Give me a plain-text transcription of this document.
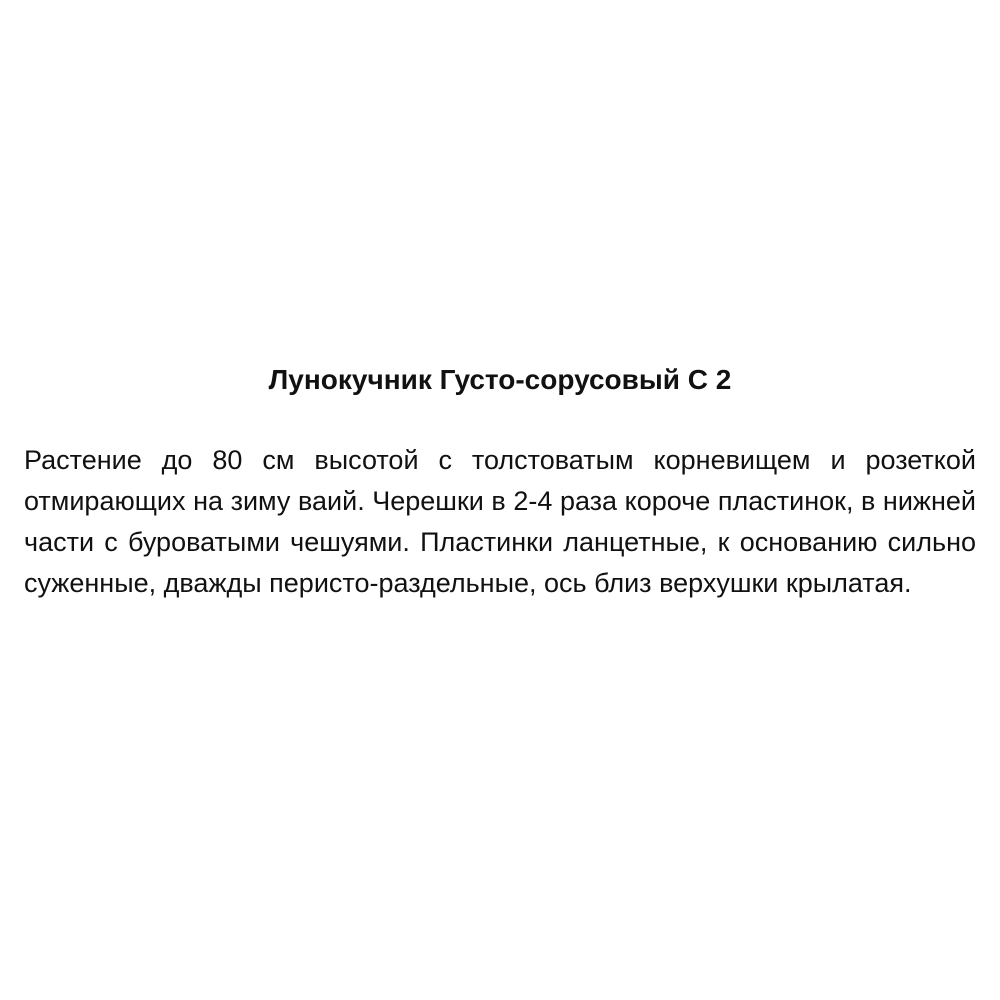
Лунокучник Густо-сорусовый С 2

Растение до 80 см высотой с толстоватым корневищем и розеткой отмирающих на зиму ваий. Черешки в 2-4 раза короче пластинок, в нижней части с буроватыми чешуями. Пластинки ланцетные, к основанию сильно суженные, дважды перисто-раздельные, ось близ верхушки крылатая.
